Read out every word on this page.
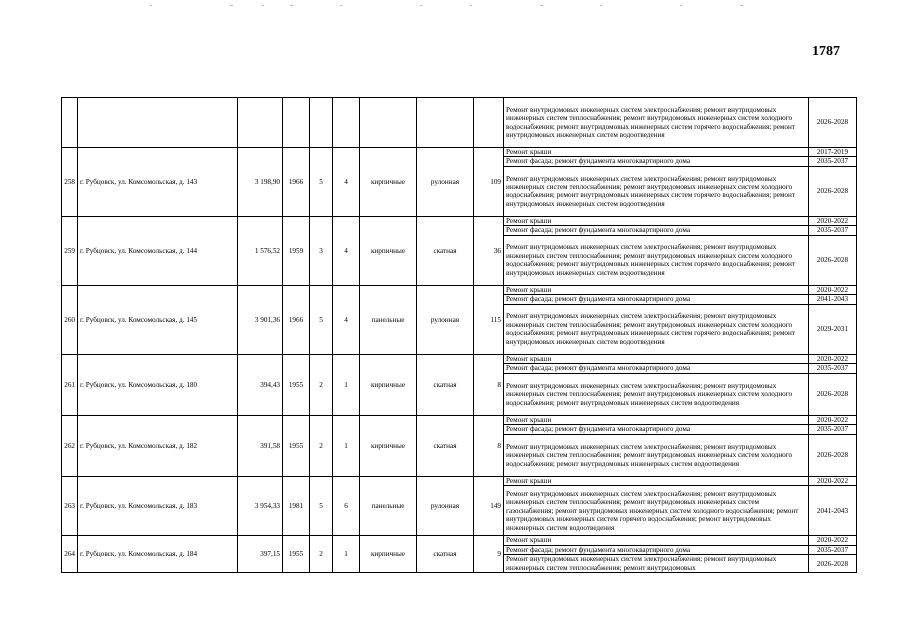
1787
									Ремонт внутридомовых инженерных систем электроснабжения; ремонт внутридомовых инженерных систем теплоснабжения; ремонт внутридомовых инженерных систем холодного водоснабжения; ремонт внутридомовых инженерных систем горячего водоснабжения; ремонт внутридомовых инженерных систем водоотведения	2026-2028
258	г. Рубцовск, ул. Комсомольская, д. 143	3 198,90	1966	5	4	кирпичные	рулонная	109	Ремонт крыши	2017-2019
									Ремонт фасада; ремонт фундамента многоквартирного дома	2035-2037
									Ремонт внутридомовых инженерных систем электроснабжения; ремонт внутридомовых инженерных систем теплоснабжения; ремонт внутридомовых инженерных систем холодного водоснабжения; ремонт внутридомовых инженерных систем горячего водоснабжения; ремонт внутридомовых инженерных систем водоотведения	2026-2028
259	г. Рубцовск, ул. Комсомольская, д. 144	1 576,52	1959	3	4	кирпичные	скатная	36	Ремонт крыши	2020-2022
									Ремонт фасада; ремонт фундамента многоквартирного дома	2035-2037
									Ремонт внутридомовых инженерных систем электроснабжения; ремонт внутридомовых инженерных систем теплоснабжения; ремонт внутридомовых инженерных систем холодного водоснабжения; ремонт внутридомовых инженерных систем горячего водоснабжения; ремонт внутридомовых инженерных систем водоотведения	2026-2028
260	г. Рубцовск, ул. Комсомольская, д. 145	3 901,36	1966	5	4	панельные	рулонная	115	Ремонт крыши	2020-2022
									Ремонт фасада; ремонт фундамента многоквартирного дома	2041-2043
									Ремонт внутридомовых инженерных систем электроснабжения; ремонт внутридомовых инженерных систем теплоснабжения; ремонт внутридомовых инженерных систем холодного водоснабжения; ремонт внутридомовых инженерных систем горячего водоснабжения; ремонт внутридомовых инженерных систем водоотведения	2029-2031
261	г. Рубцовск, ул. Комсомольская, д. 180	394,43	1955	2	1	кирпичные	скатная	8	Ремонт крыши	2020-2022
									Ремонт фасада; ремонт фундамента многоквартирного дома	2035-2037
									Ремонт внутридомовых инженерных систем электроснабжения; ремонт внутридомовых инженерных систем теплоснабжения; ремонт внутридомовых инженерных систем холодного водоснабжения; ремонт внутридомовых инженерных систем водоотведения	2026-2028
262	г. Рубцовск, ул. Комсомольская, д. 182	391,58	1955	2	1	кирпичные	скатная	8	Ремонт крыши	2020-2022
									Ремонт фасада; ремонт фундамента многоквартирного дома	2035-2037
									Ремонт внутридомовых инженерных систем электроснабжения; ремонт внутридомовых инженерных систем теплоснабжения; ремонт внутридомовых инженерных систем холодного водоснабжения; ремонт внутридомовых инженерных систем водоотведения	2026-2028
263	г. Рубцовск, ул. Комсомольская, д. 183	3 954,33	1981	5	6	панельные	рулонная	149	Ремонт крыши	2020-2022
									Ремонт внутридомовых инженерных систем электроснабжения; ремонт внутридомовых инженерных систем теплоснабжения; ремонт внутридомовых инженерных систем газоснабжения; ремонт внутридомовых инженерных систем холодного водоснабжения; ремонт внутридомовых инженерных систем горячего водоснабжения; ремонт внутридомовых инженерных систем водоотведения	2041-2043
264	г. Рубцовск, ул. Комсомольская, д. 184	397,15	1955	2	1	кирпичные	скатная	9	Ремонт крыши	2020-2022
									Ремонт фасада; ремонт фундамента многоквартирного дома	2035-2037
									Ремонт внутридомовых инженерных систем электроснабжения; ремонт внутридомовых инженерных систем теплоснабжения; ремонт внутридомовых	2026-2028
